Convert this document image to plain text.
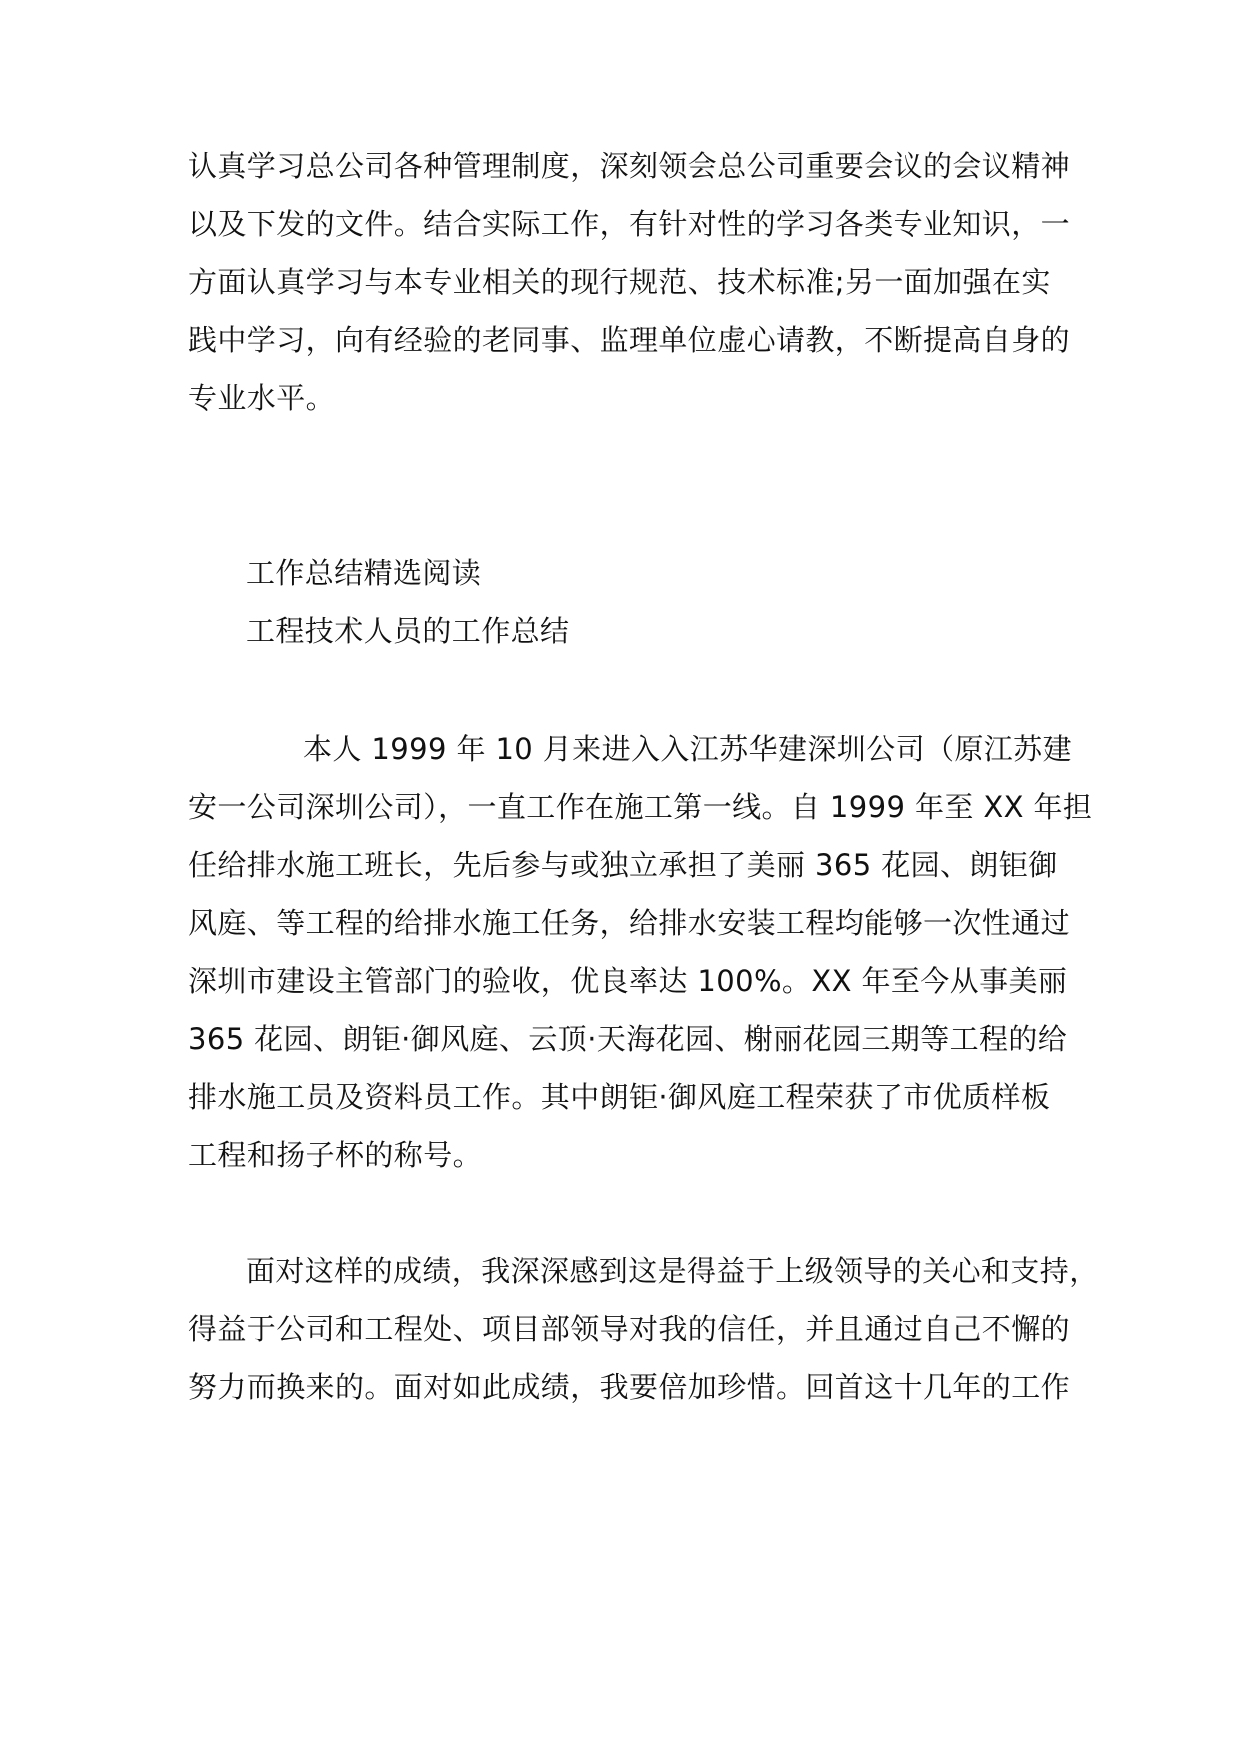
认真学习总公司各种管理制度，深刻领会总公司重要会议的会议精神
以及下发的文件。结合实际工作，有针对性的学习各类专业知识，一
方面认真学习与本专业相关的现行规范、技术标准;另一面加强在实
践中学习，向有经验的老同事、监理单位虚心请教，不断提高自身的
专业水平。
工作总结精选阅读
工程技术人员的工作总结
本人 1999 年 10 月来进入入江苏华建深圳公司（原江苏建
安一公司深圳公司），一直工作在施工第一线。自 1999 年至 XX 年担
任给排水施工班长，先后参与或独立承担了美丽 365 花园、朗钜御
风庭、等工程的给排水施工任务，给排水安装工程均能够一次性通过
深圳市建设主管部门的验收，优良率达 100%。XX 年至今从事美丽
365 花园、朗钜·御风庭、云顶·天海花园、榭丽花园三期等工程的给
排水施工员及资料员工作。其中朗钜·御风庭工程荣获了市优质样板
工程和扬子杯的称号。
面对这样的成绩，我深深感到这是得益于上级领导的关心和支持，
得益于公司和工程处、项目部领导对我的信任，并且通过自己不懈的
努力而换来的。面对如此成绩，我要倍加珍惜。回首这十几年的工作
